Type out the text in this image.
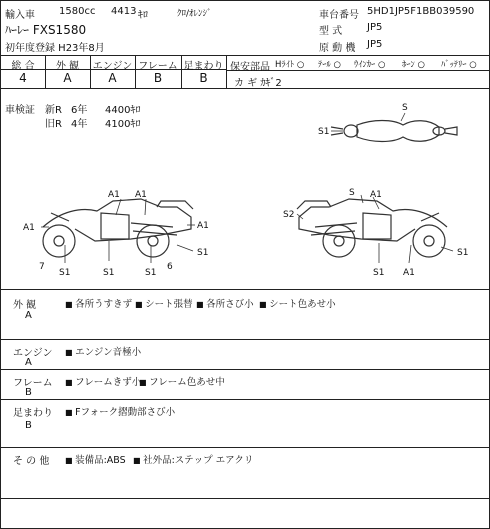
輸入車 1580cc 4413 ｷﾛ	ｸﾛ/ｵﾚﾝｼﾞ
ﾊｰﾚｰ FXS1580
初年度登録 H23年8月
車台番号 5HD1JP5F1BB039590
型 式 JP5
原 動 機 JP5
総 合	外 観	エンジン フレーム 足まわり
4	A	A	B	B
保安部品 Hﾗｲﾄ ○ ﾃｰﾙ ○ ｳｲﾝｶｰ ○ ﾎｰﾝ ○ ﾊﾞｯﾃﾘｰ ○
カ ギ ｶｷﾞ2
車検証 新R 6年 4400ｷﾛ
旧R 4年 4100ｷﾛ
S
S1
A1 A1
A1	A1
S1
7
S1	S1	S1
6
S A1
S2
S1
S1
A1
外 観
A
■ 各所うすきず	■ シート張替	■ 各所さび小	■ シート色あせ小
エンジン
A
■ エンジン音極小
フレーム
B
■ フレームきず小 ■ フレーム色あせ中
足まわり
B
■ Fフォーク摺動部さび小
そ の 他	■ 装備品:ABS	■ 社外品:ステップ エアクリ
